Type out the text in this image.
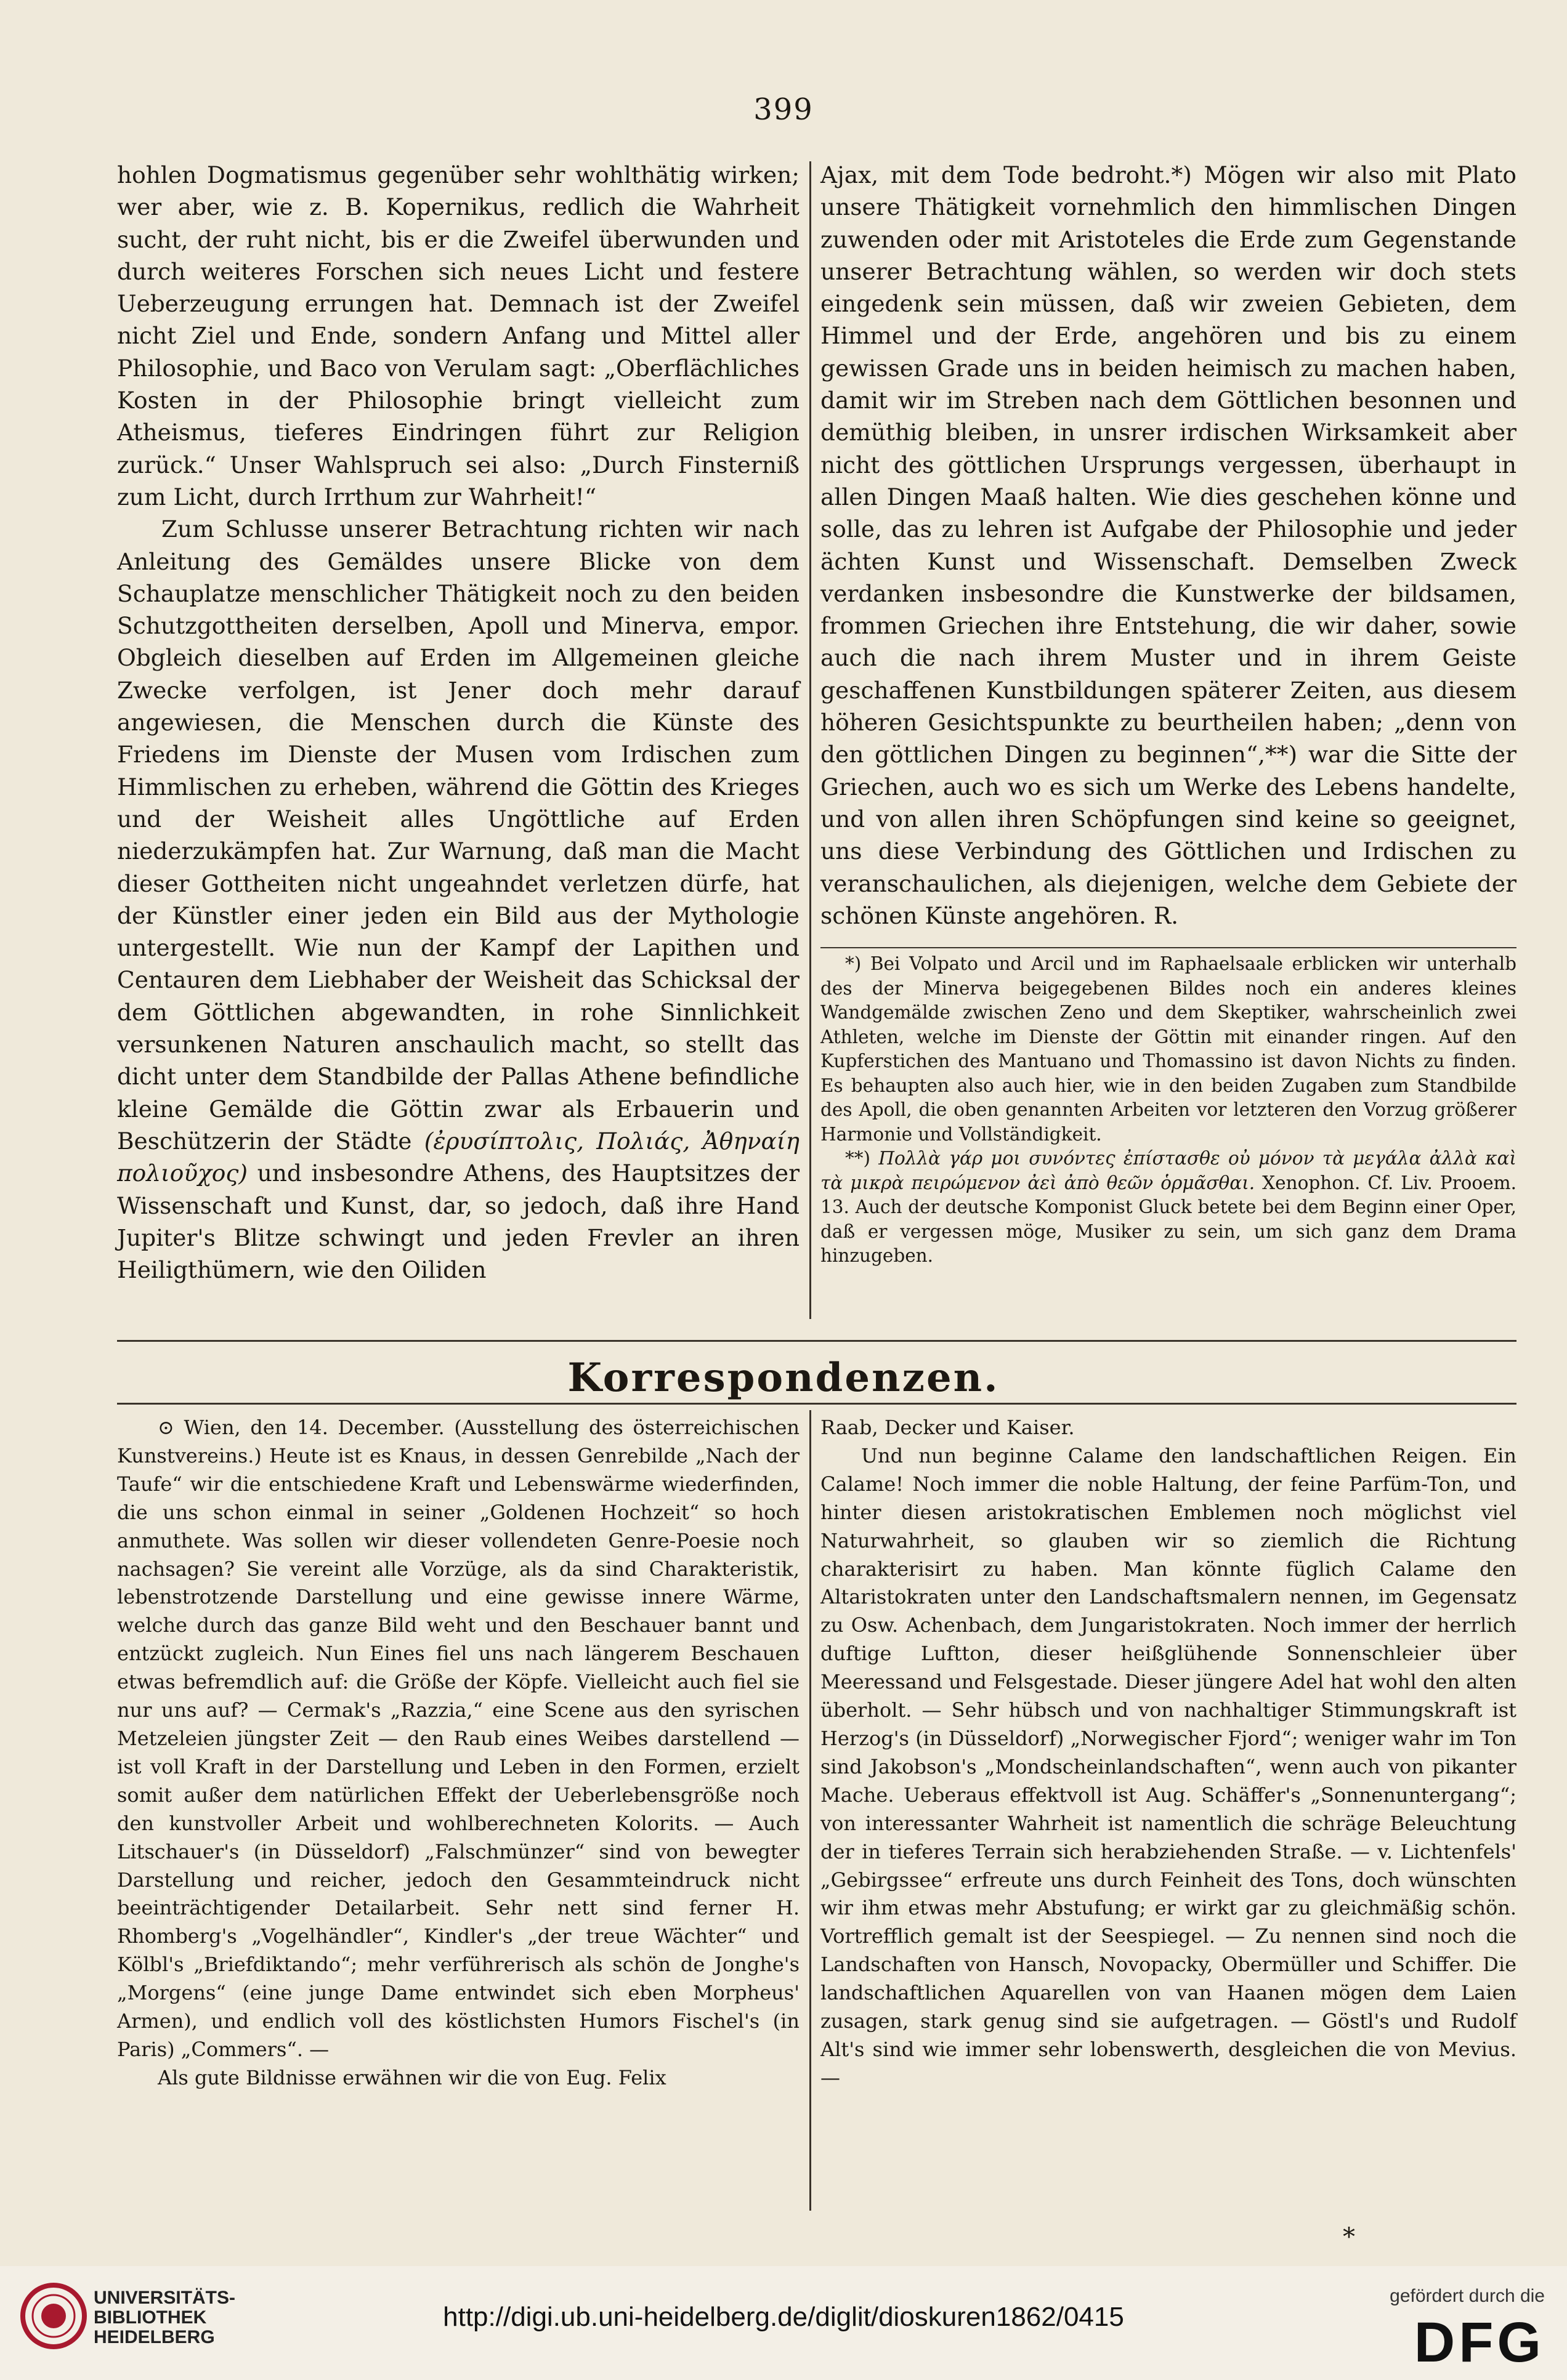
399

hohlen Dogmatismus gegenüber sehr wohlthätig wirken; wer aber, wie z. B. Kopernikus, redlich die Wahrheit sucht, der ruht nicht, bis er die Zweifel überwunden und durch weiteres Forschen sich neues Licht und festere Ueberzeugung errungen hat. Demnach ist der Zweifel nicht Ziel und Ende, sondern Anfang und Mittel aller Philosophie, und Baco von Verulam sagt: „Oberflächliches Kosten in der Philosophie bringt vielleicht zum Atheismus, tieferes Eindringen führt zur Religion zurück.“ Unser Wahlspruch sei also: „Durch Finsterniß zum Licht, durch Irrthum zur Wahrheit!“

Zum Schlusse unserer Betrachtung richten wir nach Anleitung des Gemäldes unsere Blicke von dem Schauplatze menschlicher Thätigkeit noch zu den beiden Schutzgottheiten derselben, Apoll und Minerva, empor. Obgleich dieselben auf Erden im Allgemeinen gleiche Zwecke verfolgen, ist Jener doch mehr darauf angewiesen, die Menschen durch die Künste des Friedens im Dienste der Musen vom Irdischen zum Himmlischen zu erheben, während die Göttin des Krieges und der Weisheit alles Ungöttliche auf Erden niederzukämpfen hat. Zur Warnung, daß man die Macht dieser Gottheiten nicht ungeahndet verletzen dürfe, hat der Künstler einer jeden ein Bild aus der Mythologie untergestellt. Wie nun der Kampf der Lapithen und Centauren dem Liebhaber der Weisheit das Schicksal der dem Göttlichen abgewandten, in rohe Sinnlichkeit versunkenen Naturen anschaulich macht, so stellt das dicht unter dem Standbilde der Pallas Athene befindliche kleine Gemälde die Göttin zwar als Erbauerin und Beschützerin der Städte (ἐρυσίπτολις, Πολιάς, Ἀθηναίη πολιοῦχος) und insbesondre Athens, des Hauptsitzes der Wissenschaft und Kunst, dar, so jedoch, daß ihre Hand Jupiter's Blitze schwingt und jeden Frevler an ihren Heiligthümern, wie den Oiliden

Ajax, mit dem Tode bedroht.*) Mögen wir also mit Plato unsere Thätigkeit vornehmlich den himmlischen Dingen zuwenden oder mit Aristoteles die Erde zum Gegenstande unserer Betrachtung wählen, so werden wir doch stets eingedenk sein müssen, daß wir zweien Gebieten, dem Himmel und der Erde, angehören und bis zu einem gewissen Grade uns in beiden heimisch zu machen haben, damit wir im Streben nach dem Göttlichen besonnen und demüthig bleiben, in unsrer irdischen Wirksamkeit aber nicht des göttlichen Ursprungs vergessen, überhaupt in allen Dingen Maaß halten. Wie dies geschehen könne und solle, das zu lehren ist Aufgabe der Philosophie und jeder ächten Kunst und Wissenschaft. Demselben Zweck verdanken insbesondre die Kunstwerke der bildsamen, frommen Griechen ihre Entstehung, die wir daher, sowie auch die nach ihrem Muster und in ihrem Geiste geschaffenen Kunstbildungen späterer Zeiten, aus diesem höheren Gesichtspunkte zu beurtheilen haben; „denn von den göttlichen Dingen zu beginnen“,**) war die Sitte der Griechen, auch wo es sich um Werke des Lebens handelte, und von allen ihren Schöpfungen sind keine so geeignet, uns diese Verbindung des Göttlichen und Irdischen zu veranschaulichen, als diejenigen, welche dem Gebiete der schönen Künste angehören. R.

*) Bei Volpato und Arcil und im Raphaelsaale erblicken wir unterhalb des der Minerva beigegebenen Bildes noch ein anderes kleines Wandgemälde zwischen Zeno und dem Skeptiker, wahrscheinlich zwei Athleten, welche im Dienste der Göttin mit einander ringen. Auf den Kupferstichen des Mantuano und Thomassino ist davon Nichts zu finden. Es behaupten also auch hier, wie in den beiden Zugaben zum Standbilde des Apoll, die oben genannten Arbeiten vor letzteren den Vorzug größerer Harmonie und Vollständigkeit.

**) Πολλὰ γάρ μοι συνόντες ἐπίστασθε οὐ μόνον τὰ μεγάλα ἀλλὰ καὶ τὰ μικρὰ πειρώμενον ἀεὶ ἀπὸ θεῶν ὁρμᾶσθαι. Xenophon. Cf. Liv. Prooem. 13. Auch der deutsche Komponist Gluck betete bei dem Beginn einer Oper, daß er vergessen möge, Musiker zu sein, um sich ganz dem Drama hinzugeben.

Korrespondenzen.

⊙ Wien, den 14. December. (Ausstellung des österreichischen Kunstvereins.) Heute ist es Knaus, in dessen Genrebilde „Nach der Taufe“ wir die entschiedene Kraft und Lebenswärme wiederfinden, die uns schon einmal in seiner „Goldenen Hochzeit“ so hoch anmuthete. Was sollen wir dieser vollendeten Genre-Poesie noch nachsagen? Sie vereint alle Vorzüge, als da sind Charakteristik, lebenstrotzende Darstellung und eine gewisse innere Wärme, welche durch das ganze Bild weht und den Beschauer bannt und entzückt zugleich. Nun Eines fiel uns nach längerem Beschauen etwas befremdlich auf: die Größe der Köpfe. Vielleicht auch fiel sie nur uns auf? — Cermak's „Razzia,“ eine Scene aus den syrischen Metzeleien jüngster Zeit — den Raub eines Weibes darstellend — ist voll Kraft in der Darstellung und Leben in den Formen, erzielt somit außer dem natürlichen Effekt der Ueberlebensgröße noch den kunstvoller Arbeit und wohlberechneten Kolorits. — Auch Litschauer's (in Düsseldorf) „Falschmünzer“ sind von bewegter Darstellung und reicher, jedoch den Gesammteindruck nicht beeinträchtigender Detailarbeit. Sehr nett sind ferner H. Rhomberg's „Vogelhändler“, Kindler's „der treue Wächter“ und Kölbl's „Briefdiktando“; mehr verführerisch als schön de Jonghe's „Morgens“ (eine junge Dame entwindet sich eben Morpheus' Armen), und endlich voll des köstlichsten Humors Fischel's (in Paris) „Commers“. —

Als gute Bildnisse erwähnen wir die von Eug. Felix

Raab, Decker und Kaiser.

Und nun beginne Calame den landschaftlichen Reigen. Ein Calame! Noch immer die noble Haltung, der feine Parfüm-Ton, und hinter diesen aristokratischen Emblemen noch möglichst viel Naturwahrheit, so glauben wir so ziemlich die Richtung charakterisirt zu haben. Man könnte füglich Calame den Altaristokraten unter den Landschaftsmalern nennen, im Gegensatz zu Osw. Achenbach, dem Jungaristokraten. Noch immer der herrlich duftige Luftton, dieser heißglühende Sonnenschleier über Meeressand und Felsgestade. Dieser jüngere Adel hat wohl den alten überholt. — Sehr hübsch und von nachhaltiger Stimmungskraft ist Herzog's (in Düsseldorf) „Norwegischer Fjord“; weniger wahr im Ton sind Jakobson's „Mondscheinlandschaften“, wenn auch von pikanter Mache. Ueberaus effektvoll ist Aug. Schäffer's „Sonnenuntergang“; von interessanter Wahrheit ist namentlich die schräge Beleuchtung der in tieferes Terrain sich herabziehenden Straße. — v. Lichtenfels' „Gebirgssee“ erfreute uns durch Feinheit des Tons, doch wünschten wir ihm etwas mehr Abstufung; er wirkt gar zu gleichmäßig schön. Vortrefflich gemalt ist der Seespiegel. — Zu nennen sind noch die Landschaften von Hansch, Novopacky, Obermüller und Schiffer. Die landschaftlichen Aquarellen von van Haanen mögen dem Laien zusagen, stark genug sind sie aufgetragen. — Göstl's und Rudolf Alt's sind wie immer sehr lobenswerth, desgleichen die von Mevius. —

*
UNIVERSITÄTS-
BIBLIOTHEK
HEIDELBERG
http://digi.ub.uni-heidelberg.de/diglit/dioskuren1862/0415
gefördert durch die
DFG
